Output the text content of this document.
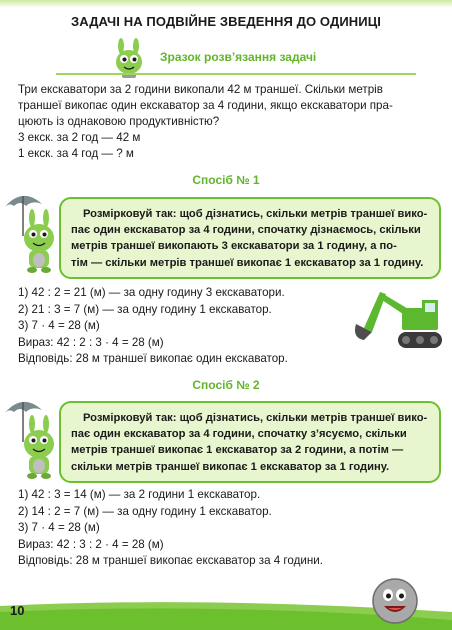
ЗАДАЧІ НА ПОДВІЙНЕ ЗВЕДЕННЯ ДО ОДИНИЦІ
Зразок розв’язання задачі

Три екскаватори за 2 години викопали 42 м траншеї. Скільки метрів

траншеї викопає один екскаватор за 4 години, якщо екскаватори пра-

цюють із однаковою продуктивністю?

3 екск. за 2 год — 42 м

1 екск. за 4 год — ? м

Спосіб № 1
Розмірковуй так: щоб дізнатись, скільки метрів траншеї вико-
пає один екскаватор за 4 години, спочатку дізнаємось, скільки
метрів траншеї викопають 3 екскаватори за 1 годину, а по-
тім — скільки метрів траншеї викопає 1 екскаватор за 1 годину.

1) 42 : 2 = 21 (м) — за одну годину 3 екскаватори.

2) 21 : 3 = 7 (м) — за одну годину 1 екскаватор.

3) 7 · 4 = 28 (м)

Вираз: 42 : 2 : 3 · 4 = 28 (м)

Відповідь: 28 м траншеї викопає один екскаватор.

Спосіб № 2
Розмірковуй так: щоб дізнатись, скільки метрів траншеї вико-
пає один екскаватор за 4 години, спочатку з’ясуємо, скільки
метрів траншеї викопає 1 екскаватор за 2 години, а потім —
скільки метрів траншеї викопає 1 екскаватор за 1 годину.

1) 42 : 3 = 14 (м) — за 2 години 1 екскаватор.

2) 14 : 2 = 7 (м) — за одну годину 1 екскаватор.

3) 7 · 4 = 28 (м)

Вираз: 42 : 3 : 2 · 4 = 28 (м)

Відповідь: 28 м траншеї викопає екскаватор за 4 години.

10
